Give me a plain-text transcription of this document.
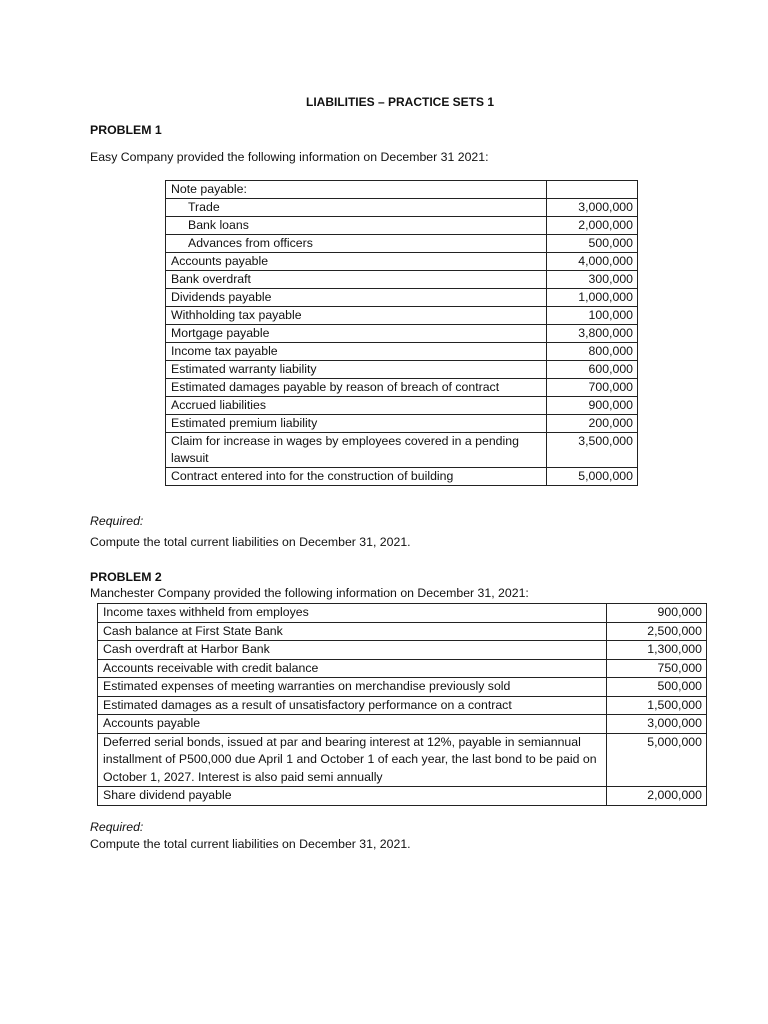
LIABILITIES – PRACTICE SETS 1
PROBLEM 1
Easy Company provided the following information on December 31 2021:
Note payable:	
Trade	3,000,000
Bank loans	2,000,000
Advances from officers	500,000
Accounts payable	4,000,000
Bank overdraft	300,000
Dividends payable	1,000,000
Withholding tax payable	100,000
Mortgage payable	3,800,000
Income tax payable	800,000
Estimated warranty liability	600,000
Estimated damages payable by reason of breach of contract	700,000
Accrued liabilities	900,000
Estimated premium liability	200,000
Claim for increase in wages by employees covered in a pending lawsuit	3,500,000
Contract entered into for the construction of building	5,000,000
Required:
Compute the total current liabilities on December 31, 2021.
PROBLEM 2
Manchester Company provided the following information on December 31, 2021:
Income taxes withheld from employes	900,000
Cash balance at First State Bank	2,500,000
Cash overdraft at Harbor Bank	1,300,000
Accounts receivable with credit balance	750,000
Estimated expenses of meeting warranties on merchandise previously sold	500,000
Estimated damages as a result of unsatisfactory performance on a contract	1,500,000
Accounts payable	3,000,000
Deferred serial bonds, issued at par and bearing interest at 12%, payable in semiannual installment of P500,000 due April 1 and October 1 of each year, the last bond to be paid on October 1, 2027. Interest is also paid semi annually	5,000,000
Share dividend payable	2,000,000
Required:
Compute the total current liabilities on December 31, 2021.
